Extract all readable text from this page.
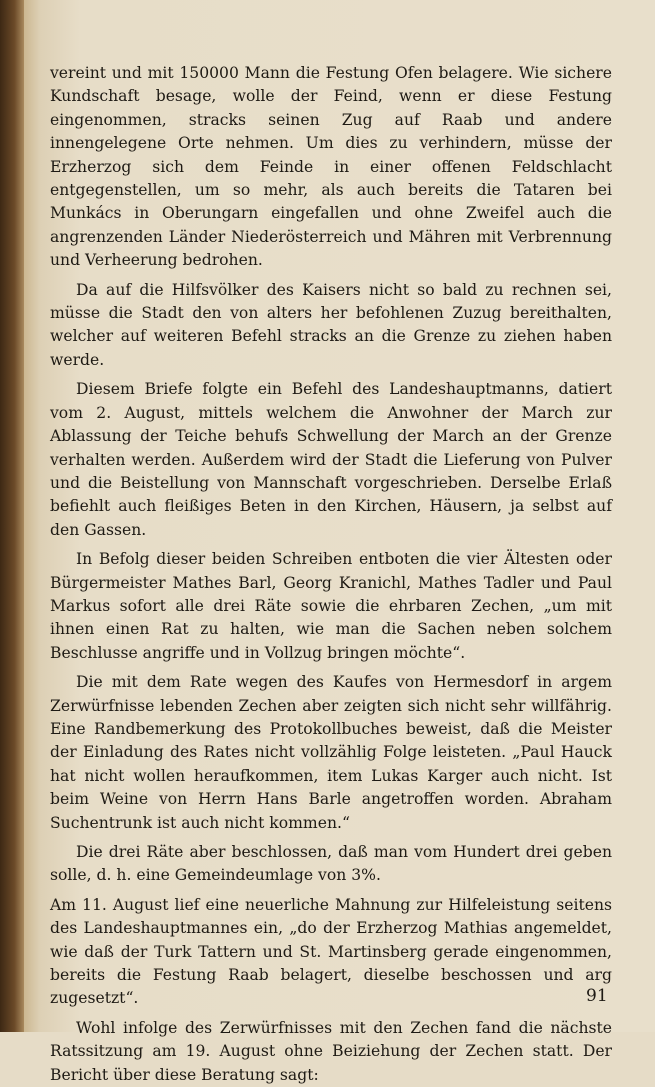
vereint und mit 150000 Mann die Festung Ofen belagere. Wie sichere Kundschaft besage, wolle der Feind, wenn er diese Festung eingenommen, stracks seinen Zug auf Raab und andere innengelegene Orte nehmen. Um dies zu verhindern, müsse der Erzherzog sich dem Feinde in einer offenen Feldschlacht entgegenstellen, um so mehr, als auch bereits die Tataren bei Munkács in Oberungarn eingefallen und ohne Zweifel auch die angrenzenden Länder Niederösterreich und Mähren mit Verbrennung und Verheerung bedrohen.

Da auf die Hilfsvölker des Kaisers nicht so bald zu rechnen sei, müsse die Stadt den von alters her befohlenen Zuzug bereithalten, welcher auf weiteren Befehl stracks an die Grenze zu ziehen haben werde.

Diesem Briefe folgte ein Befehl des Landeshauptmanns, datiert vom 2. August, mittels welchem die Anwohner der March zur Ablassung der Teiche behufs Schwellung der March an der Grenze verhalten werden. Außerdem wird der Stadt die Lieferung von Pulver und die Beistellung von Mannschaft vorgeschrieben. Derselbe Erlaß befiehlt auch fleißiges Beten in den Kirchen, Häusern, ja selbst auf den Gassen.

In Befolg dieser beiden Schreiben entboten die vier Ältesten oder Bürgermeister Mathes Barl, Georg Kranichl, Mathes Tadler und Paul Markus sofort alle drei Räte sowie die ehrbaren Zechen, „um mit ihnen einen Rat zu halten, wie man die Sachen neben solchem Beschlusse angriffe und in Vollzug bringen möchte“.

Die mit dem Rate wegen des Kaufes von Hermesdorf in argem Zerwürfnisse lebenden Zechen aber zeigten sich nicht sehr willfährig. Eine Randbemerkung des Protokollbuches beweist, daß die Meister der Einladung des Rates nicht vollzählig Folge leisteten. „Paul Hauck hat nicht wollen heraufkommen, item Lukas Karger auch nicht. Ist beim Weine von Herrn Hans Barle angetroffen worden. Abraham Suchentrunk ist auch nicht kommen.“

Die drei Räte aber beschlossen, daß man vom Hundert drei geben solle, d. h. eine Gemeindeumlage von 3%.

Am 11. August lief eine neuerliche Mahnung zur Hilfeleistung seitens des Landeshauptmannes ein, „do der Erzherzog Mathias angemeldet, wie daß der Turk Tattern und St. Martinsberg gerade eingenommen, bereits die Festung Raab belagert, dieselbe beschossen und arg zugesetzt“.

Wohl infolge des Zerwürfnisses mit den Zechen fand die nächste Ratssitzung am 19. August ohne Beiziehung der Zechen statt. Der Bericht über diese Beratung sagt:

91
